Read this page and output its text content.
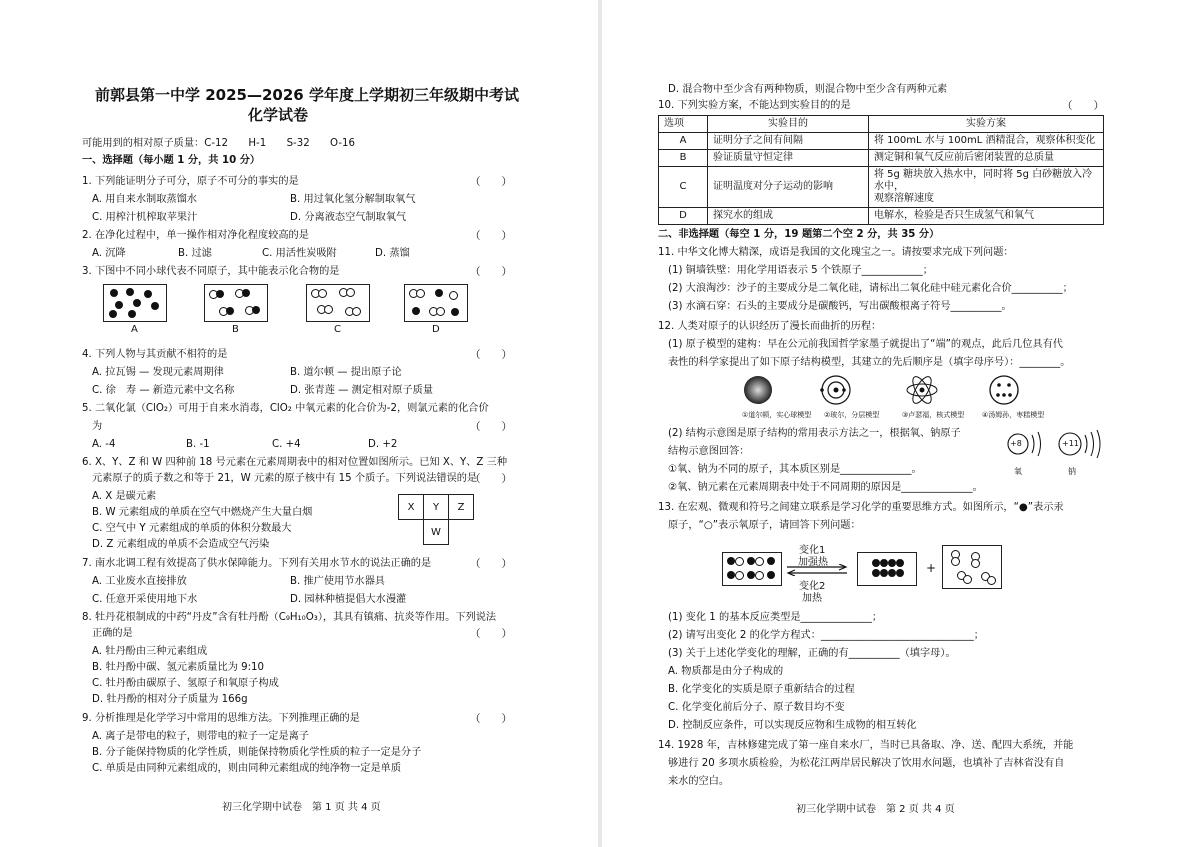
前郭县第一中学 2025—2026 学年度上学期初三年级期中考试
化学试卷
可能用到的相对原子质量：C-12　　H-1　　S-32　　O-16
一、选择题（每小题 1 分，共 10 分）
1. 下列能证明分子可分，原子不可分的事实的是	（　　）
A. 用自来水制取蒸馏水	B. 用过氧化氢分解制取氧气
C. 用榨汁机榨取苹果汁	D. 分离液态空气制取氧气
2. 在净化过程中，单一操作相对净化程度较高的是	（　　）
A. 沉降	B. 过滤	C. 用活性炭吸附	D. 蒸馏
3. 下图中不同小球代表不同原子，其中能表示化合物的是	（　　）
A	B	C	D
4. 下列人物与其贡献不相符的是	（　　）
A. 拉瓦锡 — 发现元素周期律	B. 道尔顿 — 提出原子论
C. 徐　寿 — 新造元素中文名称	D. 张青莲 — 测定相对原子质量
5. 二氧化氯（ClO₂）可用于自来水消毒，ClO₂ 中氧元素的化合价为-2，则氯元素的化合价
为	（　　）
A. -4	B. -1	C. +4	D. +2
6. X、Y、Z 和 W 四种前 18 号元素在元素周期表中的相对位置如图所示。已知 X、Y、Z 三种
元素原子的质子数之和等于 21，W 元素的原子核中有 15 个质子。下列说法错误的是
（　　）
A. X 是碳元素
B. W 元素组成的单质在空气中燃烧产生大量白烟
C. 空气中 Y 元素组成的单质的体积分数最大
D. Z 元素组成的单质不会造成空气污染
X	Y	Z
	W	
7. 南水北调工程有效提高了供水保障能力。下列有关用水节水的说法正确的是	（　　）
A. 工业废水直接排放	B. 推广使用节水器具
C. 任意开采使用地下水	D. 园林种植提倡大水漫灌
8. 牡丹花根制成的中药“丹皮”含有牡丹酚（C₉H₁₀O₃），其具有镇痛、抗炎等作用。下列说法
正确的是	（　　）
A. 牡丹酚由三种元素组成
B. 牡丹酚中碳、氢元素质量比为 9:10
C. 牡丹酚由碳原子、氢原子和氧原子构成
D. 牡丹酚的相对分子质量为 166g
9. 分析推理是化学学习中常用的思维方法。下列推理正确的是	（　　）
A. 离子是带电的粒子，则带电的粒子一定是离子
B. 分子能保持物质的化学性质，则能保持物质化学性质的粒子一定是分子
C. 单质是由同种元素组成的，则由同种元素组成的纯净物一定是单质
初三化学期中试卷　第 1 页 共 4 页
D. 混合物中至少含有两种物质，则混合物中至少含有两种元素
10. 下列实验方案，不能达到实验目的的是	（　　）
选项	实验目的	实验方案
A	证明分子之间有间隔	将 100mL 水与 100mL 酒精混合，观察体积变化
B	验证质量守恒定律	测定铜和氧气反应前后密闭装置的总质量
C	证明温度对分子运动的影响	将 5g 糖块放入热水中，同时将 5g 白砂糖放入冷水中，
观察溶解速度

D	探究水的组成	电解水，检验是否只生成氢气和氧气
二、非选择题（每空 1 分，19 题第二个空 2 分，共 35 分）
11. 中华文化博大精深，成语是我国的文化瑰宝之一。请按要求完成下列问题：
(1) 铜墙铁壁：用化学用语表示 5 个铁原子____________；
(2) 大浪淘沙：沙子的主要成分是二氧化硅，请标出二氧化硅中硅元素化合价__________；
(3) 水滴石穿：石头的主要成分是碳酸钙，写出碳酸根离子符号__________。
12. 人类对原子的认识经历了漫长而曲折的历程：
(1) 原子模型的建构：早在公元前我国哲学家墨子就提出了“端”的观点，此后几位具有代
表性的科学家提出了如下原子结构模型，其建立的先后顺序是（填字母序号）：________。
①道尔顿，实心球模型 ②玻尔，分层模型	③卢瑟福，核式模型	④汤姆孙，枣糕模型
(2) 结构示意图是原子结构的常用表示方法之一，根据氧、钠原子
结构示意图回答：
①氧、钠为不同的原子，其本质区别是______________。
②氧、钠元素在元素周期表中处于不同周期的原因是______________。
+8	+11
氧	钠
13. 在宏观、微观和符号之间建立联系是学习化学的重要思维方式。如图所示，“●”表示汞
原子，“○”表示氧原子，请回答下列问题：
变化1
加强热
变化2
加热
+
(1) 变化 1 的基本反应类型是______________；
(2) 请写出变化 2 的化学方程式：______________________________；
(3) 关于上述化学变化的理解，正确的有__________（填字母）。
A. 物质都是由分子构成的
B. 化学变化的实质是原子重新结合的过程
C. 化学变化前后分子、原子数目均不变
D. 控制反应条件，可以实现反应物和生成物的相互转化
14. 1928 年，吉林修建完成了第一座自来水厂，当时已具备取、净、送、配四大系统，并能
够进行 20 多项水质检验，为松花江两岸居民解决了饮用水问题，也填补了吉林省没有自
来水的空白。
初三化学期中试卷　第 2 页 共 4 页
